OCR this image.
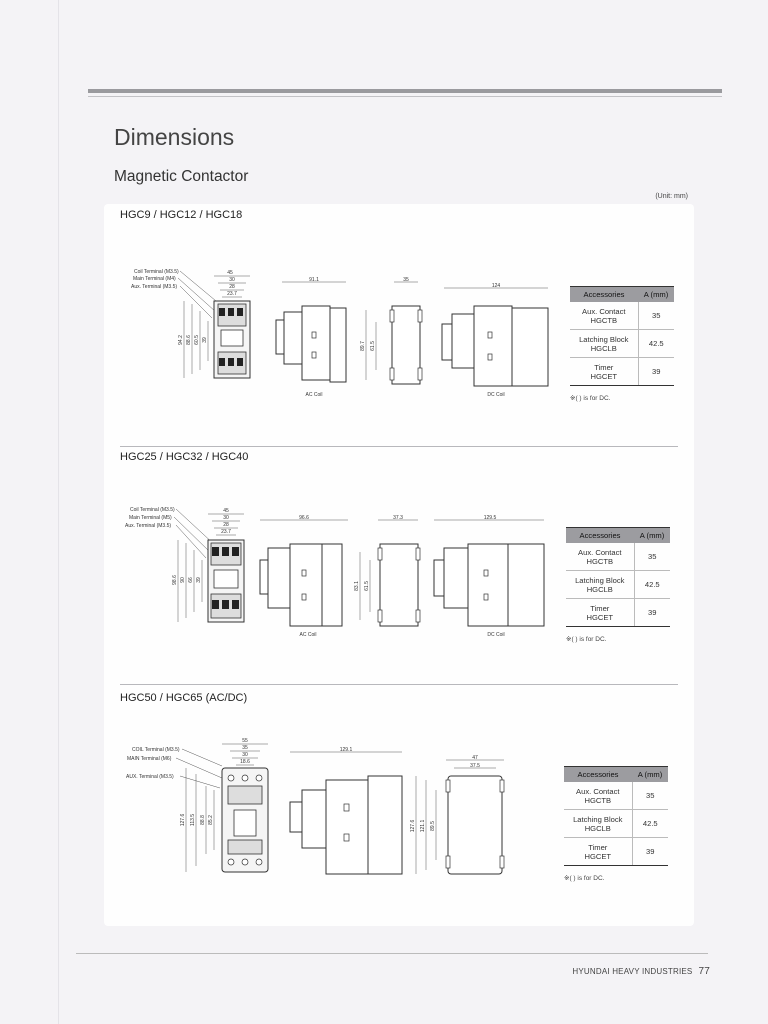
Dimensions
Magnetic Contactor
(Unit: mm)
HGC9 / HGC12 / HGC18
Coil Terminal (M3.5)
Main Terminal (M4)
Aux. Terminal (M3.5)
45
30
28
23.7
94.2 88.6 60.5 39
91.1
AC Coil
35
89.7 61.5
124
DC Coil
Accessories	A (mm)
Aux. Contact
HGCTB	35
Latching Block
HGCLB	42.5
Timer
HGCET	39
※( ) is for DC.
HGC25 / HGC32 / HGC40
Coil Terminal (M3.5)
Main Terminal (M5)
Aux. Terminal (M3.5)
45
30
28
23.7
98.6 90 66 39
96.6
AC Coil
37.3
83.1 61.5
129.5
DC Coil
Accessories	A (mm)
Aux. Contact
HGCTB	35
Latching Block
HGCLB	42.5
Timer
HGCET	39
※( ) is for DC.
HGC50 / HGC65 (AC/DC)
COIL Terminal (M3.5)
MAIN Terminal (M6)
AUX. Terminal (M3.5)
55
35
30
18.6
127.6 113.5 88.8 85.2
129.1
47
37.5
127.6 121.1 89.5
Accessories	A (mm)
Aux. Contact
HGCTB	35
Latching Block
HGCLB	42.5
Timer
HGCET	39
※( ) is for DC.
HYUNDAI HEAVY INDUSTRIES 77
